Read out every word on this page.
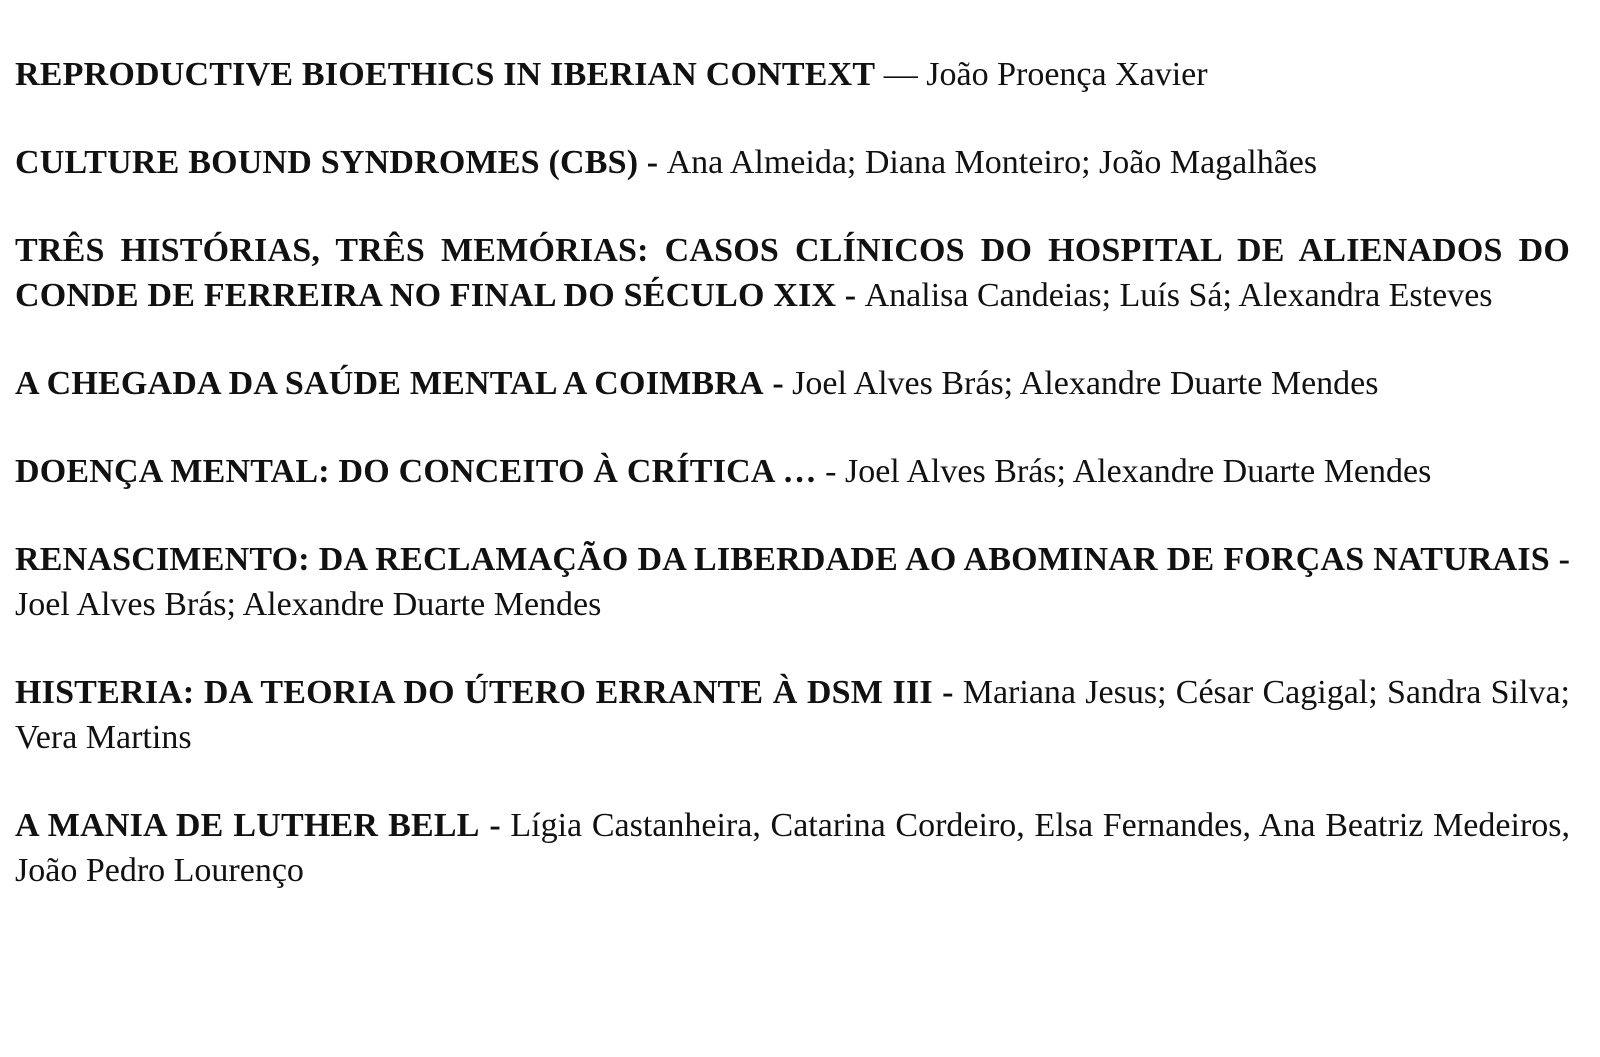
REPRODUCTIVE BIOETHICS IN IBERIAN CONTEXT — João Proença Xavier

CULTURE BOUND SYNDROMES (CBS) - Ana Almeida; Diana Monteiro; João Magalhães

TRÊS HISTÓRIAS, TRÊS MEMÓRIAS: CASOS CLÍNICOS DO HOSPITAL DE ALIENADOS DO CONDE DE FERREIRA NO FINAL DO SÉCULO XIX - Analisa Candeias; Luís Sá; Alexandra Esteves

A CHEGADA DA SAÚDE MENTAL A COIMBRA - Joel Alves Brás; Alexandre Duarte Mendes

DOENÇA MENTAL: DO CONCEITO À CRÍTICA … - Joel Alves Brás; Alexandre Duarte Mendes

RENASCIMENTO: DA RECLAMAÇÃO DA LIBERDADE AO ABOMINAR DE FORÇAS NATURAIS - Joel Alves Brás; Alexandre Duarte Mendes

HISTERIA: DA TEORIA DO ÚTERO ERRANTE À DSM III - Mariana Jesus; César Cagigal; Sandra Silva; Vera Martins

A MANIA DE LUTHER BELL - Lígia Castanheira, Catarina Cordeiro, Elsa Fernandes, Ana Beatriz Medeiros, João Pedro Lourenço
